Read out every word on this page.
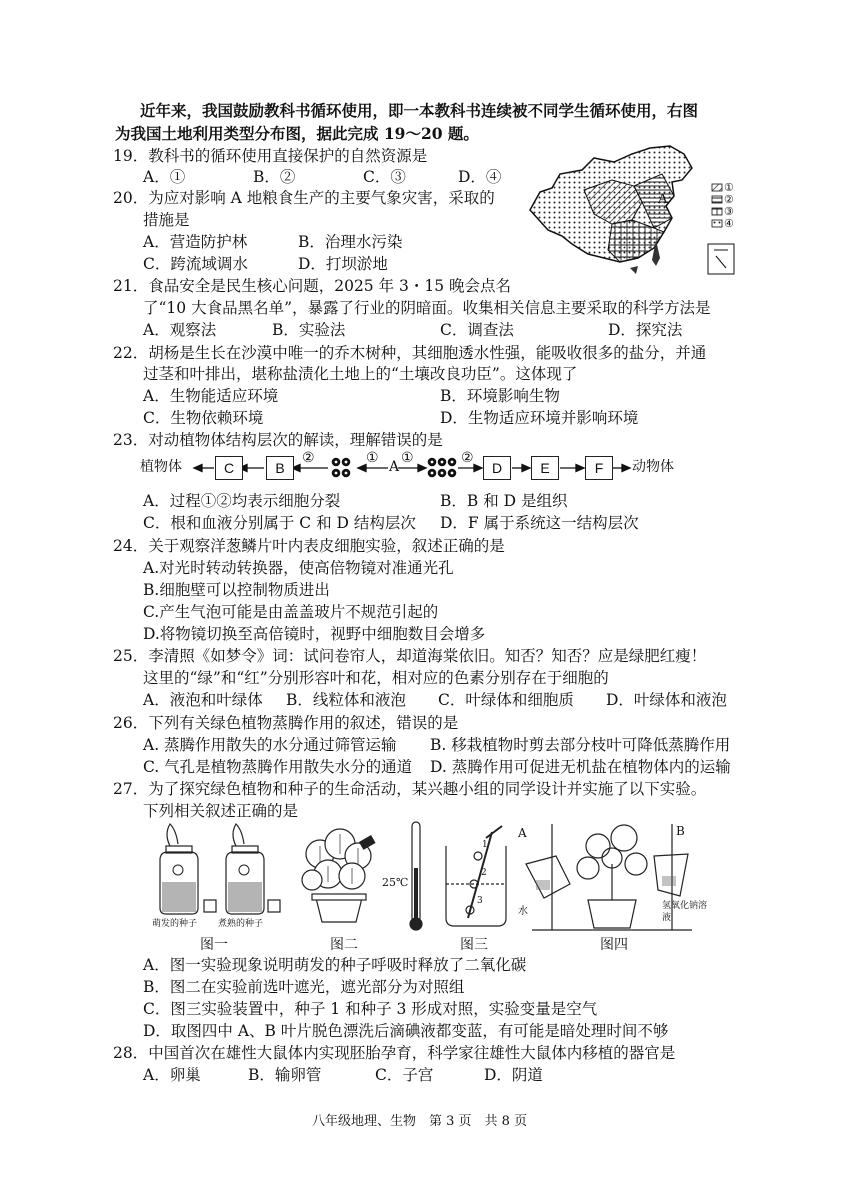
近年来，我国鼓励教科书循环使用，即一本教科书连续被不同学生循环使用，右图
为我国土地利用类型分布图，据此完成 19～20 题。
19．教科书的循环使用直接保护的自然资源是
A．①	B．②	C．③	D．④
A
①
②
③
④
20．为应对影响 A 地粮食生产的主要气象灾害，采取的
措施是
A．营造防护林	B．治理水污染
C．跨流域调水	D．打坝淤地
21．食品安全是民生核心问题，2025 年 3・15 晚会点名
了“10 大食品黑名单”，暴露了行业的阴暗面。收集相关信息主要采取的科学方法是
A．观察法	B．实验法	C．调查法	D．探究法
22．胡杨是生长在沙漠中唯一的乔木树种，其细胞透水性强，能吸收很多的盐分，并通
过茎和叶排出，堪称盐渍化土地上的“土壤改良功臣”。这体现了
A．生物能适应环境	B．环境影响生物
C．生物依赖环境	D．生物适应环境并影响环境
23．对动植物体结构层次的解读，理解错误的是
植物体	C	B
②	①
A
①	②
D	E	F	动物体
A．过程①②均表示细胞分裂	B．B 和 D 是组织
C．根和血液分别属于 C 和 D 结构层次 D．F 属于系统这一结构层次
24．关于观察洋葱鳞片叶内表皮细胞实验，叙述正确的是
A.对光时转动转换器，使高倍物镜对准通光孔
B.细胞壁可以控制物质进出
C.产生气泡可能是由盖盖玻片不规范引起的
D.将物镜切换至高倍镜时，视野中细胞数目会增多
25．李清照《如梦令》词：试问卷帘人，却道海棠依旧。知否？知否？应是绿肥红瘦！
这里的“绿”和“红”分别形容叶和花，相对应的色素分别存在于细胞的
A．液泡和叶绿体 B．线粒体和液泡 C．叶绿体和细胞质 D．叶绿体和液泡
26．下列有关绿色植物蒸腾作用的叙述，错误的是
A. 蒸腾作用散失的水分通过筛管运输 B. 移栽植物时剪去部分枝叶可降低蒸腾作用
C. 气孔是植物蒸腾作用散失水分的通道 D. 蒸腾作用可促进无机盐在植物体内的运输
27．为了探究绿色植物和种子的生命活动，某兴趣小组的同学设计并实施了以下实验。
下列相关叙述正确的是
萌发的种子 煮熟的种子
25℃
1
2
3
A	B
水	氢氧化钠溶液
图一	图二	图三	图四
A．图一实验现象说明萌发的种子呼吸时释放了二氧化碳
B．图二在实验前选叶遮光，遮光部分为对照组
C．图三实验装置中，种子 1 和种子 3 形成对照，实验变量是空气
D．取图四中 A、B 叶片脱色漂洗后滴碘液都变蓝，有可能是暗处理时间不够
28．中国首次在雄性大鼠体内实现胚胎孕育，科学家往雄性大鼠体内移植的器官是
A．卵巢	B．输卵管	C．子宫	D．阴道
八年级地理、生物　第 3 页　共 8 页
